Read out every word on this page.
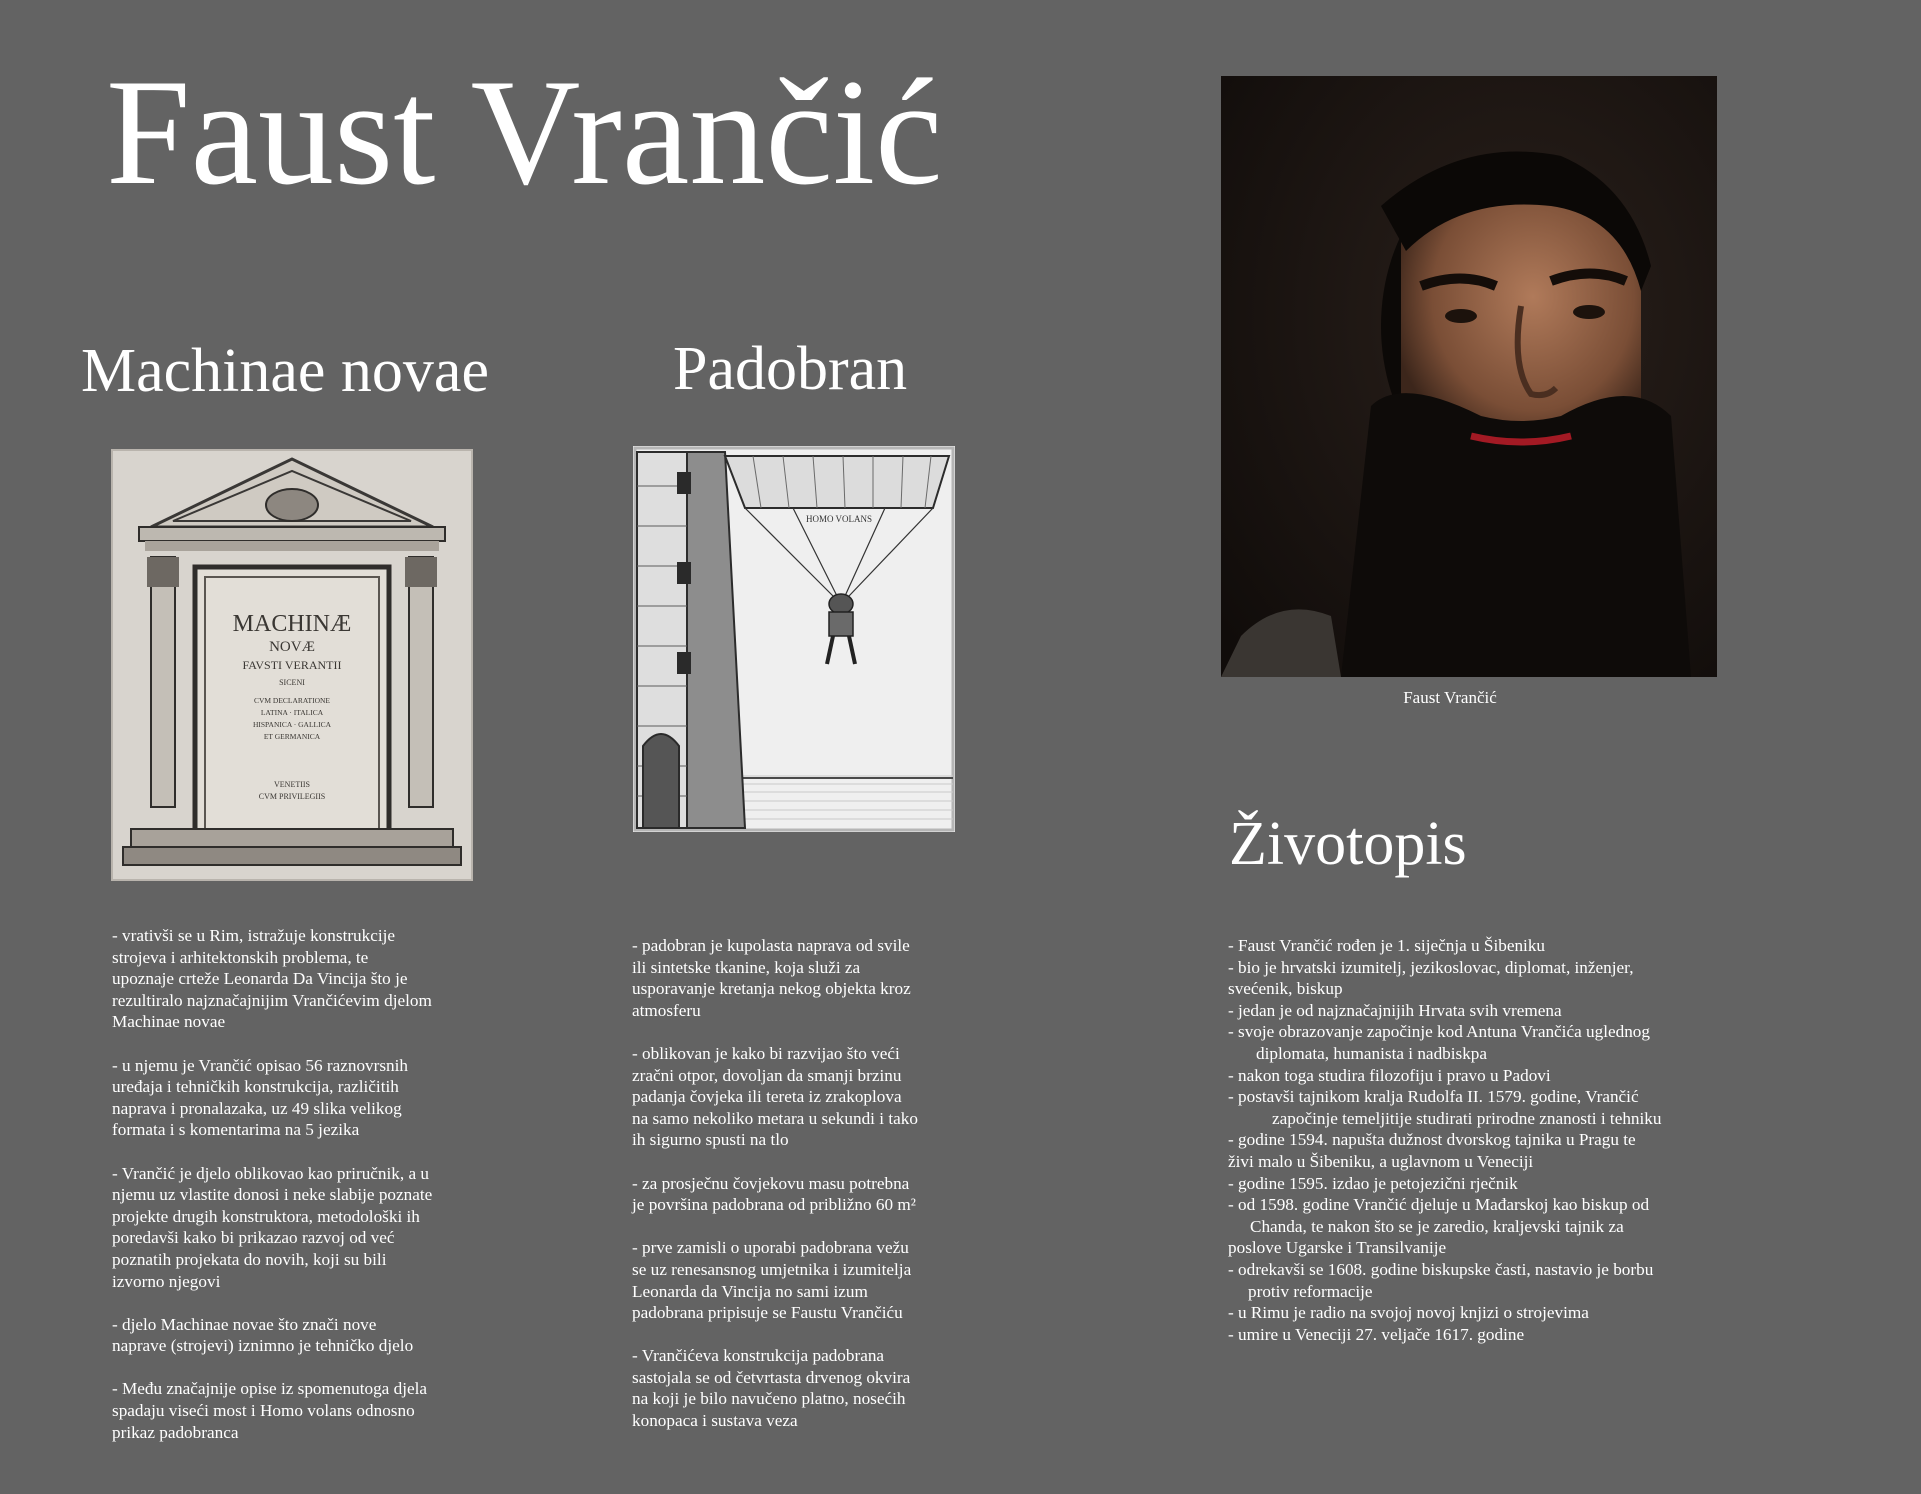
Faust Vrančić
Machinae novae	Padobran
MACHINÆ
NOVÆ
FAVSTI VERANTII
SICENI
CVM DECLARATIONE
LATINA · ITALICA
HISPANICA · GALLICA
ET GERMANICA
VENETIIS
CVM PRIVILEGIIS
HOMO VOLANS
Faust Vrančić
Životopis

- vrativši se u Rim, istražuje konstrukcije
strojeva i arhitektonskih problema, te
upoznaje crteže Leonarda Da Vincija što je
rezultiralo najznačajnijim Vrančićevim djelom
Machinae novae

- u njemu je Vrančić opisao 56 raznovrsnih
uređaja i tehničkih konstrukcija, različitih
naprava i pronalazaka, uz 49 slika velikog
formata i s komentarima na 5 jezika

- Vrančić je djelo oblikovao kao priručnik, a u
njemu uz vlastite donosi i neke slabije poznate
projekte drugih konstruktora, metodološki ih
poredavši kako bi prikazao razvoj od već
poznatih projekata do novih, koji su bili
izvorno njegovi

- djelo Machinae novae što znači nove
naprave (strojevi) iznimno je tehničko djelo

- Među značajnije opise iz spomenutoga djela
spadaju viseći most i Homo volans odnosno
prikaz padobranca

- padobran je kupolasta naprava od svile
ili sintetske tkanine, koja služi za
usporavanje kretanja nekog objekta kroz
atmosferu

- oblikovan je kako bi razvijao što veći
zračni otpor, dovoljan da smanji brzinu
padanja čovjeka ili tereta iz zrakoplova
na samo nekoliko metara u sekundi i tako
ih sigurno spusti na tlo

- za prosječnu čovjekovu masu potrebna
je površina padobrana od približno 60 m²

- prve zamisli o uporabi padobrana vežu
se uz renesansnog umjetnika i izumitelja
Leonarda da Vincija no sami izum
padobrana pripisuje se Faustu Vrančiću

- Vrančićeva konstrukcija padobrana
sastojala se od četvrtasta drvenog okvira
na koji je bilo navučeno platno, nosećih
konopaca i sustava veza

- Faust Vrančić rođen je 1. siječnja u Šibeniku
- bio je hrvatski izumitelj, jezikoslovac, diplomat, inženjer,
svećenik, biskup
- jedan je od najznačajnijih Hrvata svih vremena
- svoje obrazovanje započinje kod Antuna Vrančića uglednog
diplomata, humanista i nadbiskpa
- nakon toga studira filozofiju i pravo u Padovi
- postavši tajnikom kralja Rudolfa II. 1579. godine, Vrančić
započinje temeljitije studirati prirodne znanosti i tehniku
- godine 1594. napušta dužnost dvorskog tajnika u Pragu te
živi malo u Šibeniku, a uglavnom u Veneciji
- godine 1595. izdao je petojezični rječnik
- od 1598. godine Vrančić djeluje u Mađarskoj kao biskup od
Chanda, te nakon što se je zaredio, kraljevski tajnik za
poslove Ugarske i Transilvanije
- odrekavši se 1608. godine biskupske časti, nastavio je borbu
protiv reformacije
- u Rimu je radio na svojoj novoj knjizi o strojevima
- umire u Veneciji 27. veljače 1617. godine
